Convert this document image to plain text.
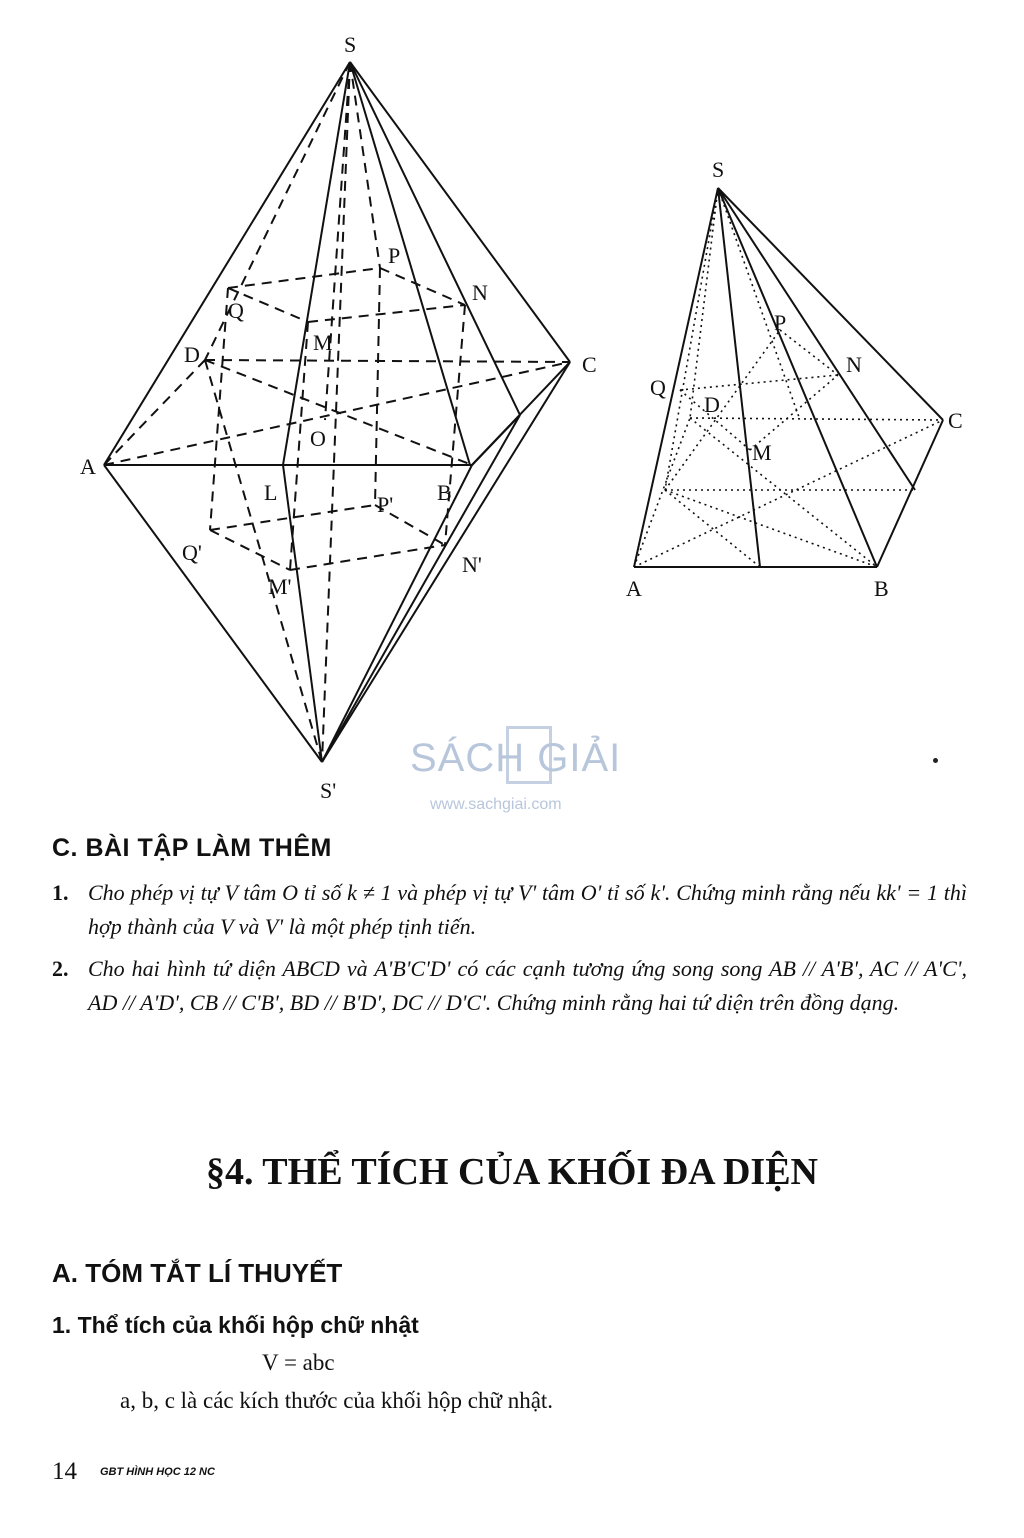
S
P
N
Q
M
D	C
O
A
L	P' B
Q'
M'
N'
S'
S
P
N
Q
D
C
M
A	B
SÁCH GIẢI
www.sachgiai.com
C. BÀI TẬP LÀM THÊM
1. Cho phép vị tự V tâm O tỉ số k ≠ 1 và phép vị tự V' tâm O' tỉ số k'. Chứng minh rằng nếu kk' = 1 thì hợp thành của V và V' là một phép tịnh tiến.
2. Cho hai hình tứ diện ABCD và A'B'C'D' có các cạnh tương ứng song song AB // A'B', AC // A'C', AD // A'D', CB // C'B', BD // B'D', DC // D'C'. Chứng minh rằng hai tứ diện trên đồng dạng.
§4. THỂ TÍCH CỦA KHỐI ĐA DIỆN
A. TÓM TẮT LÍ THUYẾT
1. Thể tích của khối hộp chữ nhật
V = abc
a, b, c là các kích thước của khối hộp chữ nhật.
14 GBT HÌNH HỌC 12 NC
